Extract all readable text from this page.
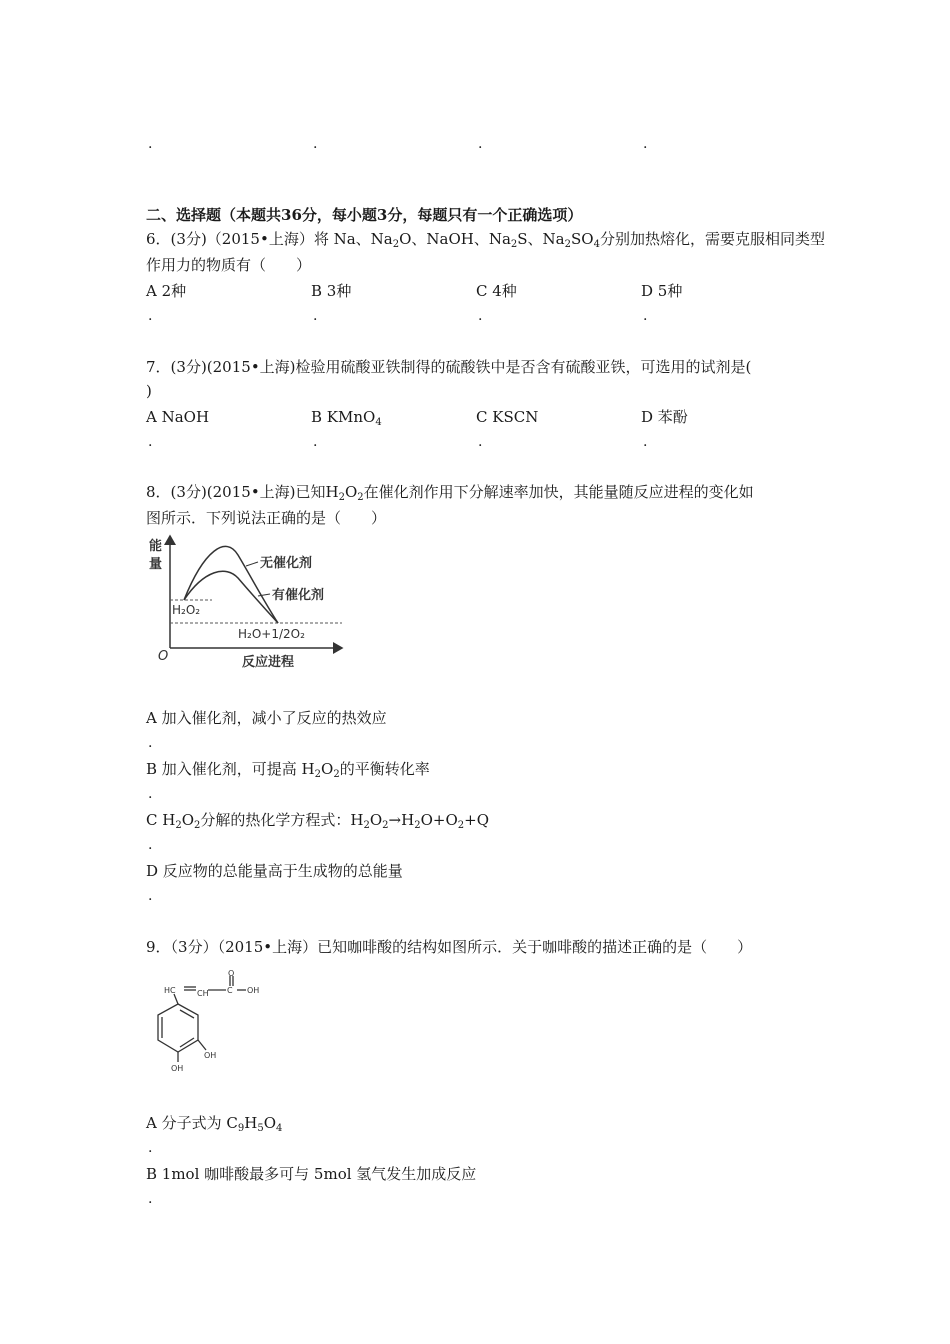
.	.	.	.
二、选择题（本题共36分，每小题3分，每题只有一个正确选项）
6．(3分)（2015•上海）将 Na、$Na_2O$、NaOH、$Na_2S$、$Na_2SO_4$分别加热熔化，需要克服相同类型
作用力的物质有（　　）
A 2种	B 3种	C 4种	D 5种
.	.	.	.
7．(3分)(2015•上海)检验用硫酸亚铁制得的硫酸铁中是否含有硫酸亚铁，可选用的试剂是(
)
A NaOH	B KMnO$_4$	C KSCN	D 苯酚
.	.	.	.
8．(3分)(2015•上海)已知$H_2O_2$在催化剂作用下分解速率加快，其能量随反应进程的变化如
图所示．下列说法正确的是（　　）
能
量	无催化剂
有催化剂
H₂O₂
H₂O+1/2O₂
O	反应进程
A 加入催化剂，减小了反应的热效应
.
B 加入催化剂，可提高 $H_2O_2$的平衡转化率
.
C $H_2O_2$分解的热化学方程式：$H_2O_2\to H_2O+O_2+Q$
.
D 反应物的总能量高于生成物的总能量
.
9．（3分）（2015•上海）已知咖啡酸的结构如图所示．关于咖啡酸的描述正确的是（　　）
HC	CH C
O
OH
OH
OH
A 分子式为 $C_9H_5O_4$
.
B 1mol 咖啡酸最多可与 5mol 氢气发生加成反应
.
